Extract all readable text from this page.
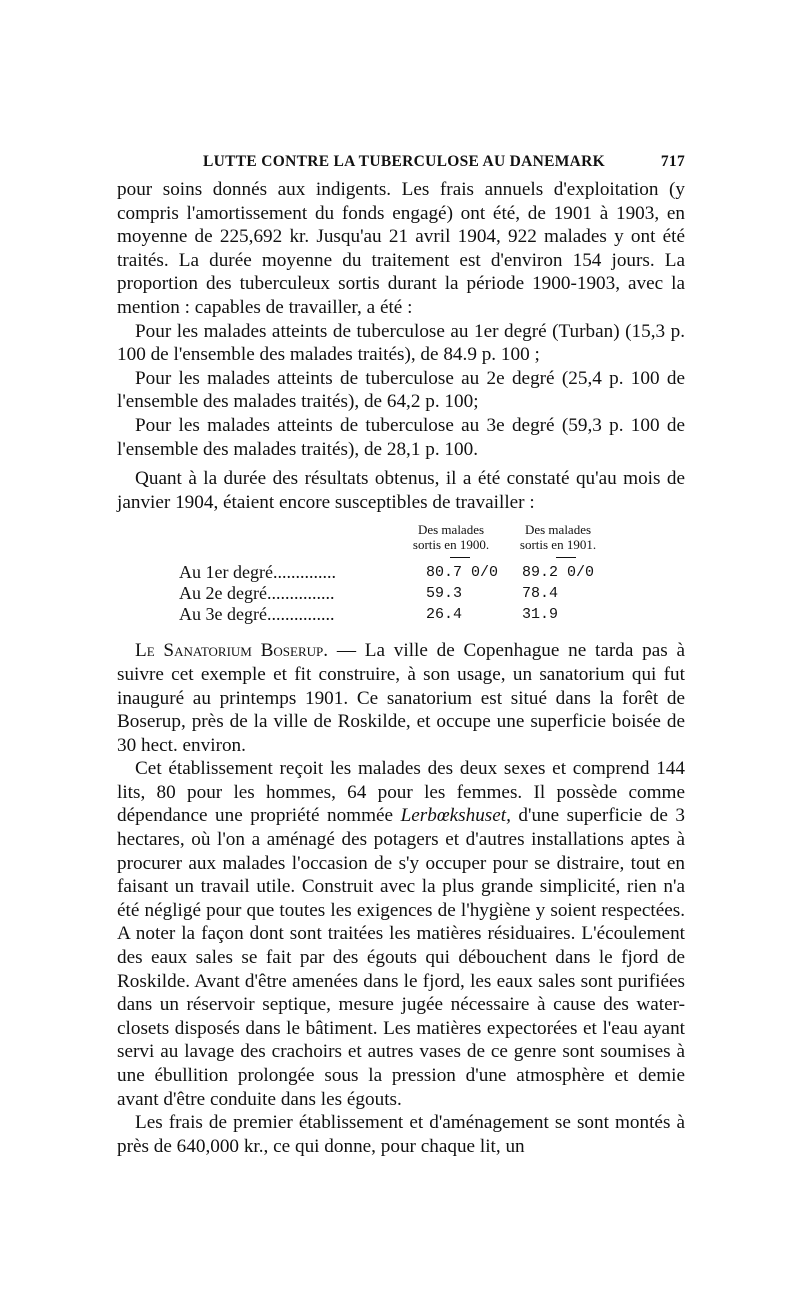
LUTTE CONTRE LA TUBERCULOSE AU DANEMARK	717

pour soins donnés aux indigents. Les frais annuels d'exploitation (y compris l'amortissement du fonds engagé) ont été, de 1901 à 1903, en moyenne de 225,692 kr. Jusqu'au 21 avril 1904, 922 malades y ont été traités. La durée moyenne du traitement est d'environ 154 jours. La proportion des tuberculeux sortis durant la période 1900-1903, avec la mention : capables de travailler, a été :

Pour les malades atteints de tuberculose au 1er degré (Turban) (15,3 p. 100 de l'ensemble des malades traités), de 84.9 p. 100 ;

Pour les malades atteints de tuberculose au 2e degré (25,4 p. 100 de l'ensemble des malades traités), de 64,2 p. 100;

Pour les malades atteints de tuberculose au 3e degré (59,3 p. 100 de l'ensemble des malades traités), de 28,1 p. 100.

Quant à la durée des résultats obtenus, il a été constaté qu'au mois de janvier 1904, étaient encore susceptibles de travailler :

Des malades
sortis en 1900.
Des malades
sortis en 1901.
Au 1er degré..............	80.7 0/0	89.2 0/0
Au 2e degré...............	59.3	78.4
Au 3e degré...............	26.4	31.9

Le Sanatorium Boserup. — La ville de Copenhague ne tarda pas à suivre cet exemple et fit construire, à son usage, un sanatorium qui fut inauguré au printemps 1901. Ce sanatorium est situé dans la forêt de Boserup, près de la ville de Roskilde, et occupe une superficie boisée de 30 hect. environ.

Cet établissement reçoit les malades des deux sexes et comprend 144 lits, 80 pour les hommes, 64 pour les femmes. Il possède comme dépendance une propriété nommée Lerbœkshuset, d'une superficie de 3 hectares, où l'on a aménagé des potagers et d'autres installations aptes à procurer aux malades l'occasion de s'y occuper pour se distraire, tout en faisant un travail utile. Construit avec la plus grande simplicité, rien n'a été négligé pour que toutes les exigences de l'hygiène y soient respectées. A noter la façon dont sont traitées les matières résiduaires. L'écoulement des eaux sales se fait par des égouts qui débouchent dans le fjord de Roskilde. Avant d'être amenées dans le fjord, les eaux sales sont purifiées dans un réservoir septique, mesure jugée nécessaire à cause des water-closets disposés dans le bâtiment. Les matières expectorées et l'eau ayant servi au lavage des crachoirs et autres vases de ce genre sont soumises à une ébullition prolongée sous la pression d'une atmosphère et demie avant d'être conduite dans les égouts.

Les frais de premier établissement et d'aménagement se sont montés à près de 640,000 kr., ce qui donne, pour chaque lit, un
